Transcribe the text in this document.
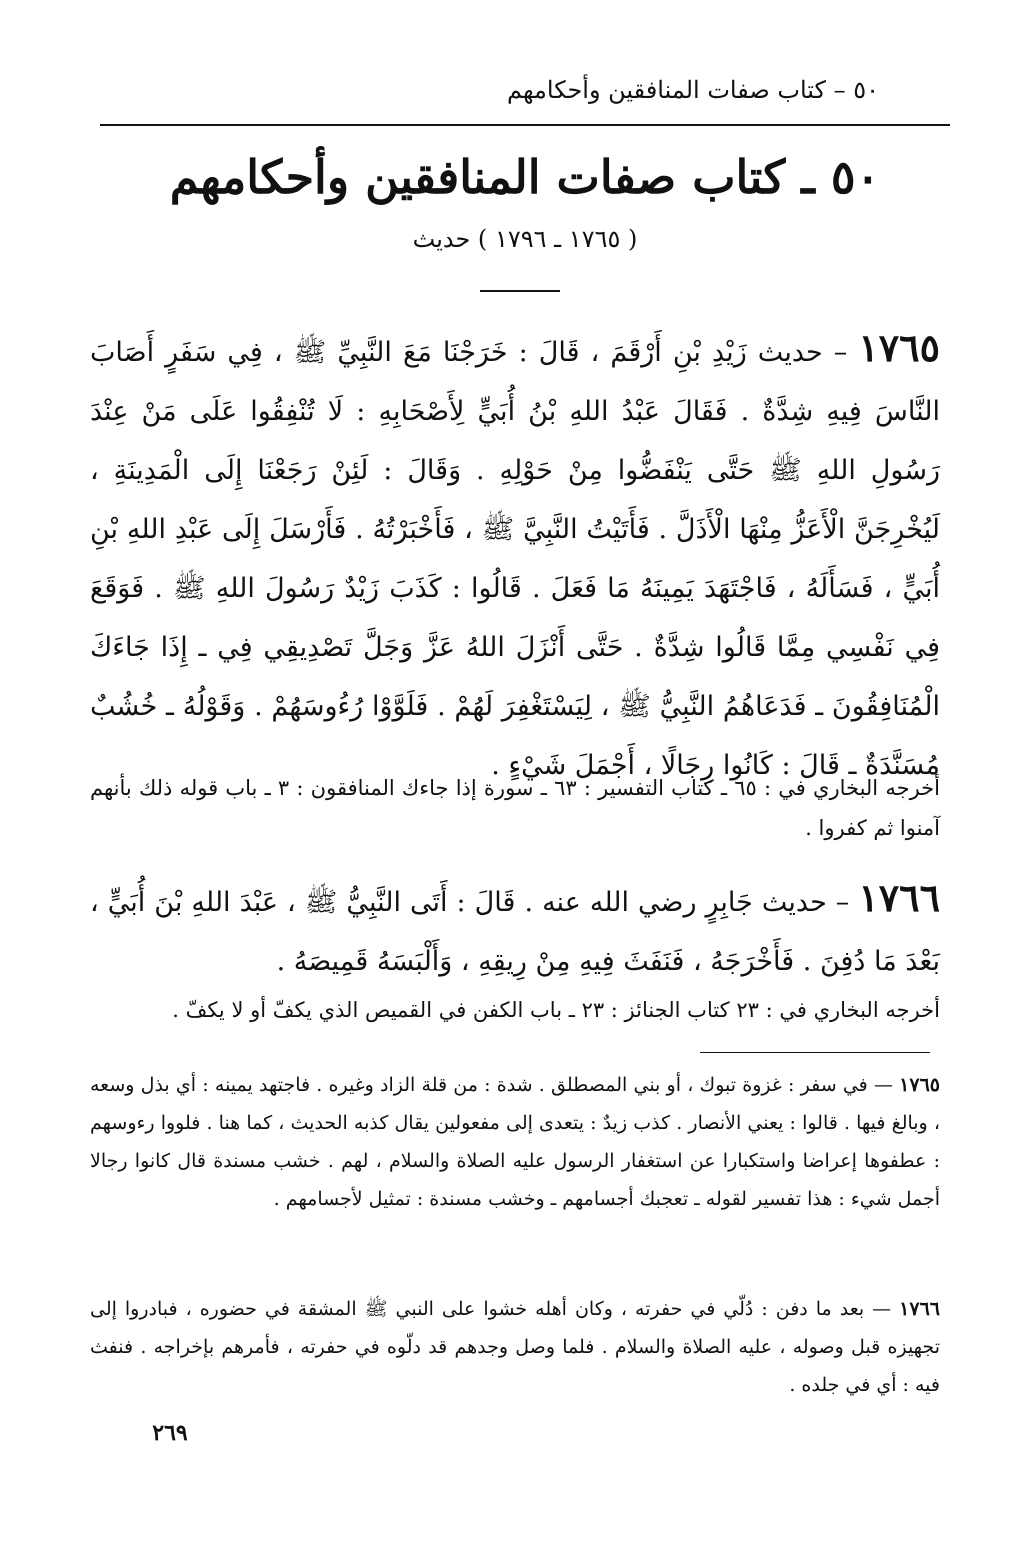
٥٠ – كتاب صفات المنافقين وأحكامهم
٥٠ ـ كتاب صفات المنافقين وأحكامهم
( ١٧٦٥ ـ ١٧٩٦ ) حديث
١٧٦٥ – حديث زَيْدِ بْنِ أَرْقَمَ ، قَالَ : خَرَجْنَا مَعَ النَّبِيِّ ﷺ ، فِي سَفَرٍ أَصَابَ النَّاسَ فِيهِ شِدَّةٌ . فَقَالَ عَبْدُ اللهِ بْنُ أُبَيٍّ لِأَصْحَابِهِ : لَا تُنْفِقُوا عَلَى مَنْ عِنْدَ رَسُولِ اللهِ ﷺ حَتَّى يَنْفَضُّوا مِنْ حَوْلِهِ . وَقَالَ : لَئِنْ رَجَعْنَا إِلَى الْمَدِينَةِ ، لَيُخْرِجَنَّ الْأَعَزُّ مِنْهَا الْأَذَلَّ . فَأَتَيْتُ النَّبِيَّ ﷺ ، فَأَخْبَرْتُهُ . فَأَرْسَلَ إِلَى عَبْدِ اللهِ بْنِ أُبَيٍّ ، فَسَأَلَهُ ، فَاجْتَهَدَ يَمِينَهُ مَا فَعَلَ . قَالُوا : كَذَبَ زَيْدٌ رَسُولَ اللهِ ﷺ . فَوَقَعَ فِي نَفْسِي مِمَّا قَالُوا شِدَّةٌ . حَتَّى أَنْزَلَ اللهُ عَزَّ وَجَلَّ تَصْدِيقِي فِي ـ إِذَا جَاءَكَ الْمُنَافِقُونَ ـ فَدَعَاهُمُ النَّبِيُّ ﷺ ، لِيَسْتَغْفِرَ لَهُمْ . فَلَوَّوْا رُءُوسَهُمْ . وَقَوْلُهُ ـ خُشُبٌ مُسَنَّدَةٌ ـ قَالَ : كَانُوا رِجَالًا ، أَجْمَلَ شَيْءٍ .
أخرجه البخاري في : ٦٥ ـ كتاب التفسير : ٦٣ ـ سورة إذا جاءك المنافقون : ٣ ـ باب قوله ذلك بأنهم آمنوا ثم كفروا .
١٧٦٦ – حديث جَابِرٍ رضي الله عنه . قَالَ : أَتَى النَّبِيُّ ﷺ ، عَبْدَ اللهِ بْنَ أُبَيٍّ ، بَعْدَ مَا دُفِنَ . فَأَخْرَجَهُ ، فَنَفَثَ فِيهِ مِنْ رِيقِهِ ، وَأَلْبَسَهُ قَمِيصَهُ .
أخرجه البخاري في : ٢٣ كتاب الجنائز : ٢٣ ـ باب الكفن في القميص الذي يكفّ أو لا يكفّ .
١٧٦٥ — في سفر : غزوة تبوك ، أو بني المصطلق . شدة : من قلة الزاد وغيره . فاجتهد يمينه : أي بذل وسعه ، وبالغ فيها . قالوا : يعني الأنصار . كذب زيدٌ : يتعدى إلى مفعولين يقال كذبه الحديث ، كما هنا . فلووا رءوسهم : عطفوها إعراضا واستكبارا عن استغفار الرسول عليه الصلاة والسلام ، لهم . خشب مسندة قال كانوا رجالا أجمل شيء : هذا تفسير لقوله ـ تعجبك أجسامهم ـ وخشب مسندة : تمثيل لأجسامهم .
١٧٦٦ — بعد ما دفن : دُلّي في حفرته ، وكان أهله خشوا على النبي ﷺ المشقة في حضوره ، فبادروا إلى تجهيزه قبل وصوله ، عليه الصلاة والسلام . فلما وصل وجدهم قد دلّوه في حفرته ، فأمرهم بإخراجه . فنفث فيه : أي في جلده .
٢٦٩
